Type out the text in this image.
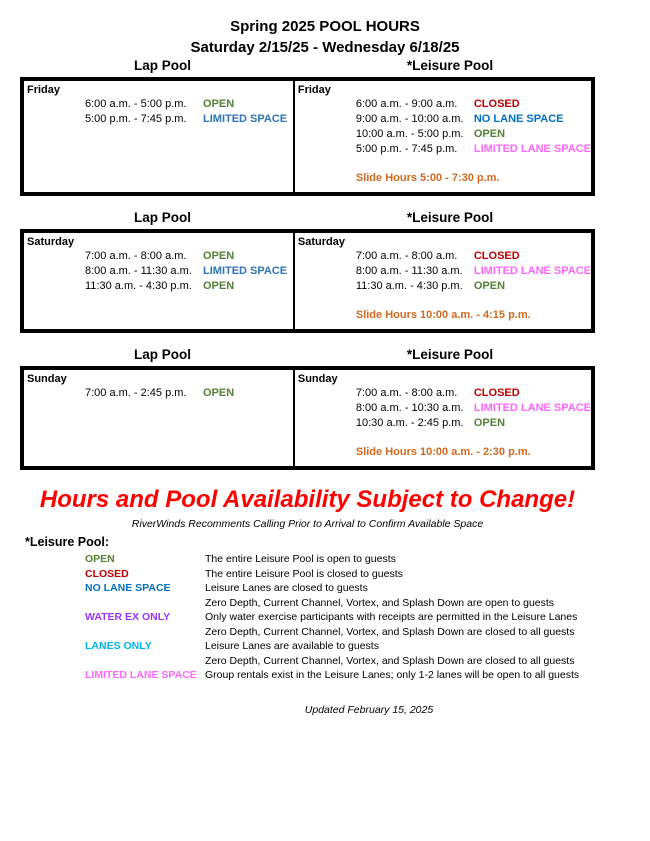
Spring 2025 POOL HOURS
Saturday 2/15/25 - Wednesday 6/18/25
Lap Pool	*Leisure Pool
Friday
6:00 a.m. - 5:00 p.m.	OPEN
5:00 p.m. - 7:45 p.m.	LIMITED SPACE
Friday
6:00 a.m. - 9:00 a.m.	CLOSED
9:00 a.m. - 10:00 a.m. NO LANE SPACE
10:00 a.m. - 5:00 p.m. OPEN
5:00 p.m. - 7:45 p.m.	LIMITED LANE SPACE
Slide Hours 5:00 - 7:30 p.m.
Lap Pool	*Leisure Pool
Saturday
7:00 a.m. - 8:00 a.m.	OPEN
8:00 a.m. - 11:30 a.m.	LIMITED SPACE
11:30 a.m. - 4:30 p.m.	OPEN
Saturday
7:00 a.m. - 8:00 a.m.	CLOSED
8:00 a.m. - 11:30 a.m.	LIMITED LANE SPACE
11:30 a.m. - 4:30 p.m.	OPEN
Slide Hours 10:00 a.m. - 4:15 p.m.
Lap Pool	*Leisure Pool
Sunday
7:00 a.m. - 2:45 p.m.	OPEN
Sunday
7:00 a.m. - 8:00 a.m.	CLOSED
8:00 a.m. - 10:30 a.m. LIMITED LANE SPACE
10:30 a.m. - 2:45 p.m. OPEN
Slide Hours 10:00 a.m. - 2:30 p.m.
Hours and Pool Availability Subject to Change!
RiverWinds Recomments Calling Prior to Arrival to Confirm Available Space
*Leisure Pool:
OPEN	The entire Leisure Pool is open to guests
CLOSED	The entire Leisure Pool is closed to guests
NO LANE SPACE	Leisure Lanes are closed to guests
Zero Depth, Current Channel, Vortex, and Splash Down are open to guests
WATER EX ONLY	Only water exercise participants with receipts are permitted in the Leisure Lanes
Zero Depth, Current Channel, Vortex, and Splash Down are closed to all guests
LANES ONLY	Leisure Lanes are available to guests
Zero Depth, Current Channel, Vortex, and Splash Down are closed to all guests
LIMITED LANE SPACE Group rentals exist in the Leisure Lanes; only 1-2 lanes will be open to all guests
Updated February 15, 2025
